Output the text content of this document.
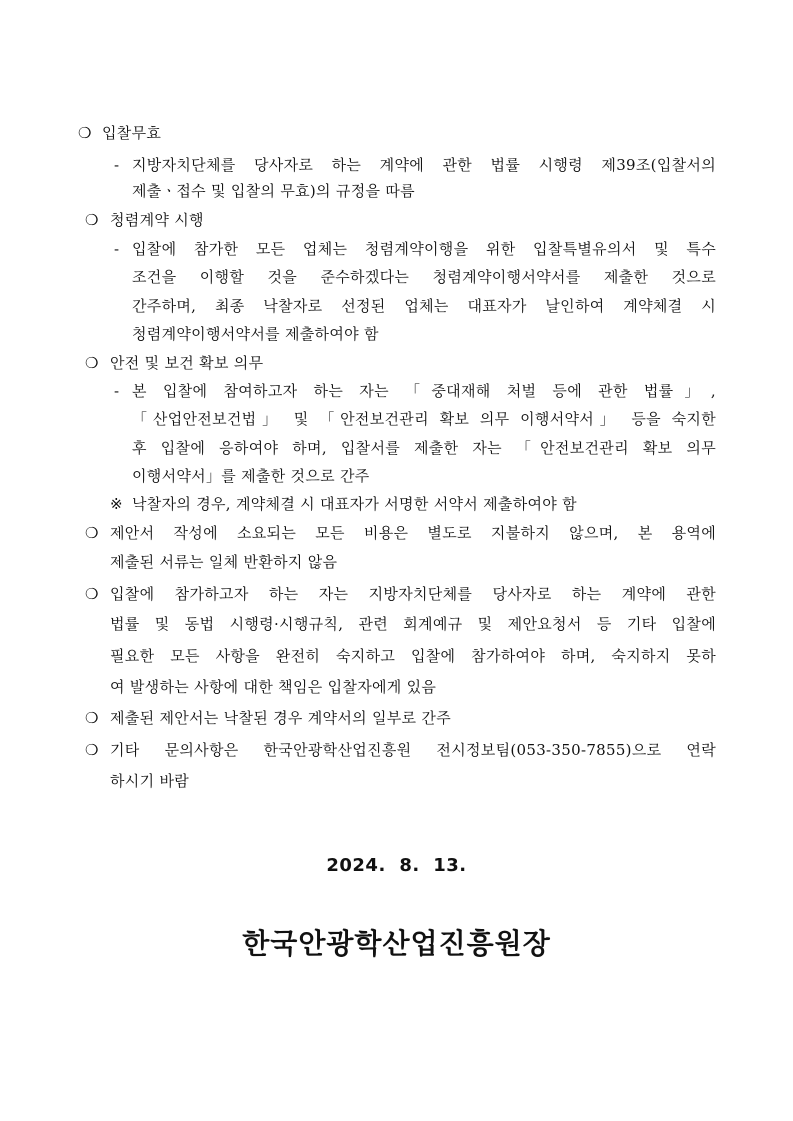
❍ 입찰무효
- 지방자치단체를 당사자로 하는 계약에 관한 법률 시행령 제39조(입찰서의
제출ㆍ접수 및 입찰의 무효)의 규정을 따름
❍ 청렴계약 시행
- 입찰에 참가한 모든 업체는 청렴계약이행을 위한 입찰특별유의서 및 특수
조건을 이행할 것을 준수하겠다는 청렴계약이행서약서를 제출한 것으로
간주하며, 최종 낙찰자로 선정된 업체는 대표자가 날인하여 계약체결 시
청렴계약이행서약서를 제출하여야 함
❍ 안전 및 보건 확보 의무
- 본 입찰에 참여하고자 하는 자는 「중대재해 처벌 등에 관한 법률」,
「산업안전보건법」 및 「안전보건관리 확보 의무 이행서약서」 등을 숙지한
후 입찰에 응하여야 하며, 입찰서를 제출한 자는 「안전보건관리 확보 의무
이행서약서」를 제출한 것으로 간주
※ 낙찰자의 경우, 계약체결 시 대표자가 서명한 서약서 제출하여야 함
❍ 제안서 작성에 소요되는 모든 비용은 별도로 지불하지 않으며, 본 용역에
제출된 서류는 일체 반환하지 않음
❍ 입찰에 참가하고자 하는 자는 지방자치단체를 당사자로 하는 계약에 관한
법률 및 동법 시행령·시행규칙, 관련 회계예규 및 제안요청서 등 기타 입찰에
필요한 모든 사항을 완전히 숙지하고 입찰에 참가하여야 하며, 숙지하지 못하
여 발생하는 사항에 대한 책임은 입찰자에게 있음
❍ 제출된 제안서는 낙찰된 경우 계약서의 일부로 간주
❍ 기타 문의사항은 한국안광학산업진흥원 전시정보팀(053-350-7855)으로 연락
하시기 바람
2024.  8.  13.
한국안광학산업진흥원장
